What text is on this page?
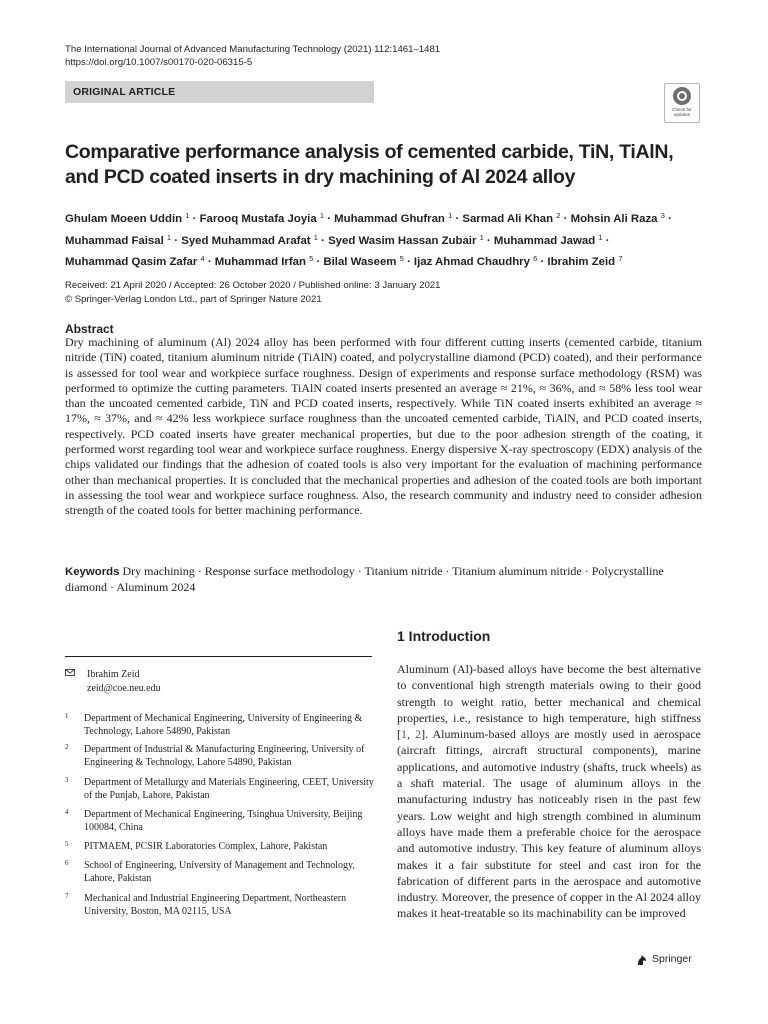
The International Journal of Advanced Manufacturing Technology (2021) 112:1461–1481
https://doi.org/10.1007/s00170-020-06315-5
ORIGINAL ARTICLE
Check for updates
Comparative performance analysis of cemented carbide, TiN, TiAlN,
and PCD coated inserts in dry machining of Al 2024 alloy
Ghulam Moeen Uddin $^1$ · Farooq Mustafa Joyia $^1$ · Muhammad Ghufran $^1$ · Sarmad Ali Khan $^2$ · Mohsin Ali Raza $^3$ ·
Muhammad Faisal $^1$ · Syed Muhammad Arafat $^1$ · Syed Wasim Hassan Zubair $^1$ · Muhammad Jawad $^1$ ·
Muhammad Qasim Zafar $^4$ · Muhammad Irfan $^5$ · Bilal Waseem $^5$ · Ijaz Ahmad Chaudhry $^6$ · Ibrahim Zeid $^7$
Received: 21 April 2020 / Accepted: 26 October 2020 / Published online: 3 January 2021
© Springer-Verlag London Ltd., part of Springer Nature 2021
Abstract
Dry machining of aluminum (Al) 2024 alloy has been performed with four different cutting inserts (cemented carbide, titanium nitride (TiN) coated, titanium aluminum nitride (TiAlN) coated, and polycrystalline diamond (PCD) coated), and their performance is assessed for tool wear and workpiece surface roughness. Design of experiments and response surface methodology (RSM) was performed to optimize the cutting parameters. TiAlN coated inserts presented an average ≈ 21%, ≈ 36%, and ≈ 58% less tool wear than the uncoated cemented carbide, TiN and PCD coated inserts, respectively. While TiN coated inserts exhibited an average ≈ 17%, ≈ 37%, and ≈ 42% less workpiece surface roughness than the uncoated cemented carbide, TiAlN, and PCD coated inserts, respectively. PCD coated inserts have greater mechanical properties, but due to the poor adhesion strength of the coating, it performed worst regarding tool wear and workpiece surface roughness. Energy dispersive X-ray spectroscopy (EDX) analysis of the chips validated our findings that the adhesion of coated tools is also very important for the evaluation of machining performance other than mechanical properties. It is concluded that the mechanical properties and adhesion of the coated tools are both important in assessing the tool wear and workpiece surface roughness. Also, the research community and industry need to consider adhesion strength of the coated tools for better machining performance.
Keywords Dry machining · Response surface methodology · Titanium nitride · Titanium aluminum nitride · Polycrystalline diamond · Aluminum 2024
1 Introduction
Aluminum (Al)-based alloys have become the best alternative to conventional high strength materials owing to their good strength to weight ratio, better mechanical and chemical properties, i.e., resistance to high temperature, high stiffness [1, 2]. Aluminum-based alloys are mostly used in aerospace (aircraft fittings, aircraft structural components), marine applications, and automotive industry (shafts, truck wheels) as a shaft material. The usage of aluminum alloys in the manufacturing industry has noticeably risen in the past few years. Low weight and high strength combined in aluminum alloys have made them a preferable choice for the aerospace and automotive industry. This key feature of aluminum alloys makes it a fair substitute for steel and cast iron for the fabrication of different parts in the aerospace and automotive industry. Moreover, the presence of copper in the Al 2024 alloy makes it heat-treatable so its machinability can be improved
Ibrahim Zeid
zeid@coe.neu.edu
1 Department of Mechanical Engineering, University of Engineering & Technology, Lahore 54890, Pakistan
2 Department of Industrial & Manufacturing Engineering, University of Engineering & Technology, Lahore 54890, Pakistan
3 Department of Metallurgy and Materials Engineering, CEET, University of the Punjab, Lahore, Pakistan
4 Department of Mechanical Engineering, Tsinghua University, Beijing 100084, China
5 PITMAEM, PCSIR Laboratories Complex, Lahore, Pakistan
6 School of Engineering, University of Management and Technology, Lahore, Pakistan
7 Mechanical and Industrial Engineering Department, Northeastern University, Boston, MA 02115, USA
Springer
